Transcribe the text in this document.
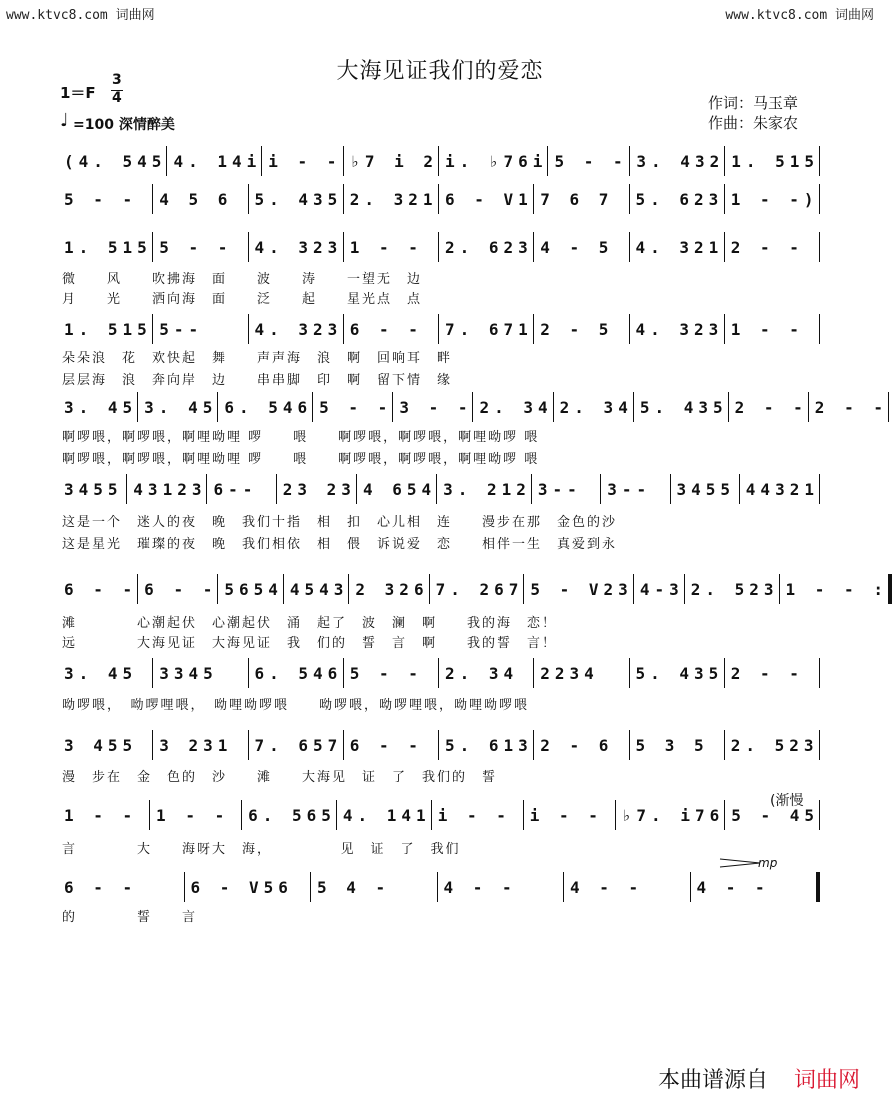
www.ktvc8.com 词曲网	www.ktvc8.com 词曲网
大海见证我们的爱恋
1＝F
3
4
♩ =100 深情醉美
作词：马玉章
作曲：朱家农
(渐慢
mp
(4. 545 4. 14i i - - ♭7 i 2 i. ♭76i 5 - - 3. 432 1. 515
5 - -	4 5 6	5. 435 2. 321 6 - V1 7 6 7	5. 623 1 - -)
1. 515 5 - -	4. 323 1 - -	2. 623 4 - 5	4. 321 2 - -
微　　风　　吹拂海　面　　波　　涛　　一望无　边
月　　光　　洒向海　面　　泛　　起　　星光点　点
1. 515 5--	4. 323 6 - -	7. 671 2 - 5	4. 323 1 - -
朵朵浪　花　欢快起　舞　　声声海　浪　啊　回响耳　畔
层层海　浪　奔向岸　边　　串串脚　印　啊　留下情　缘
3. 45 3. 45 6. 546 5 - - 3 - - 2. 34 2. 34 5. 435 2 - - 2 - -
啊啰喂，啊啰喂，啊哩呦哩 啰　　喂　　啊啰喂，啊啰喂，啊哩呦啰 喂
啊啰喂，啊啰喂，啊哩呦哩 啰　　喂　　啊啰喂，啊啰喂，啊哩呦啰 喂
3455 43123 6--	23 23 4 654 3. 212 3--	3--	3455 44321
这是一个　迷人的夜　晚　我们十指　相　扣　心儿相　连　　漫步在那　金色的沙
这是星光　璀璨的夜　晚　我们相依　相　偎　诉说爱　恋　　相伴一生　真爱到永
6 - - 6 - - 5654 4543 2 326 7. 267 5 - V23 4-3 2. 523 1 - - :
滩　　　　心潮起伏　心潮起伏　涌　起了　波　澜　啊　　我的海　恋！
远　　　　大海见证　大海见证　我　们的　誓　言　啊　　我的誓　言！
3. 45	3345	6. 546 5 - -	2. 34	2234	5. 435 2 - -
呦啰喂，　呦啰哩喂，　呦哩呦啰喂　　呦啰喂，呦啰哩喂，呦哩呦啰喂
3 455	3 231	7. 657 6 - -	5. 613 2 - 6	5 3 5	2. 523
漫　步在　金　色的　沙　　滩　　大海见　证　了　我们的　誓
1 - -	1 - -	6. 565 4. 141 i - -	i - -	♭7. i76 5 - 45
言　　　　大　　海呀大　海，　　　　　见　证　了　我们
6 - -	6 - V56	5 4 -	4 - -	4 - -	4 - -
的　　　　誓　　言
本曲谱源自 词曲网
